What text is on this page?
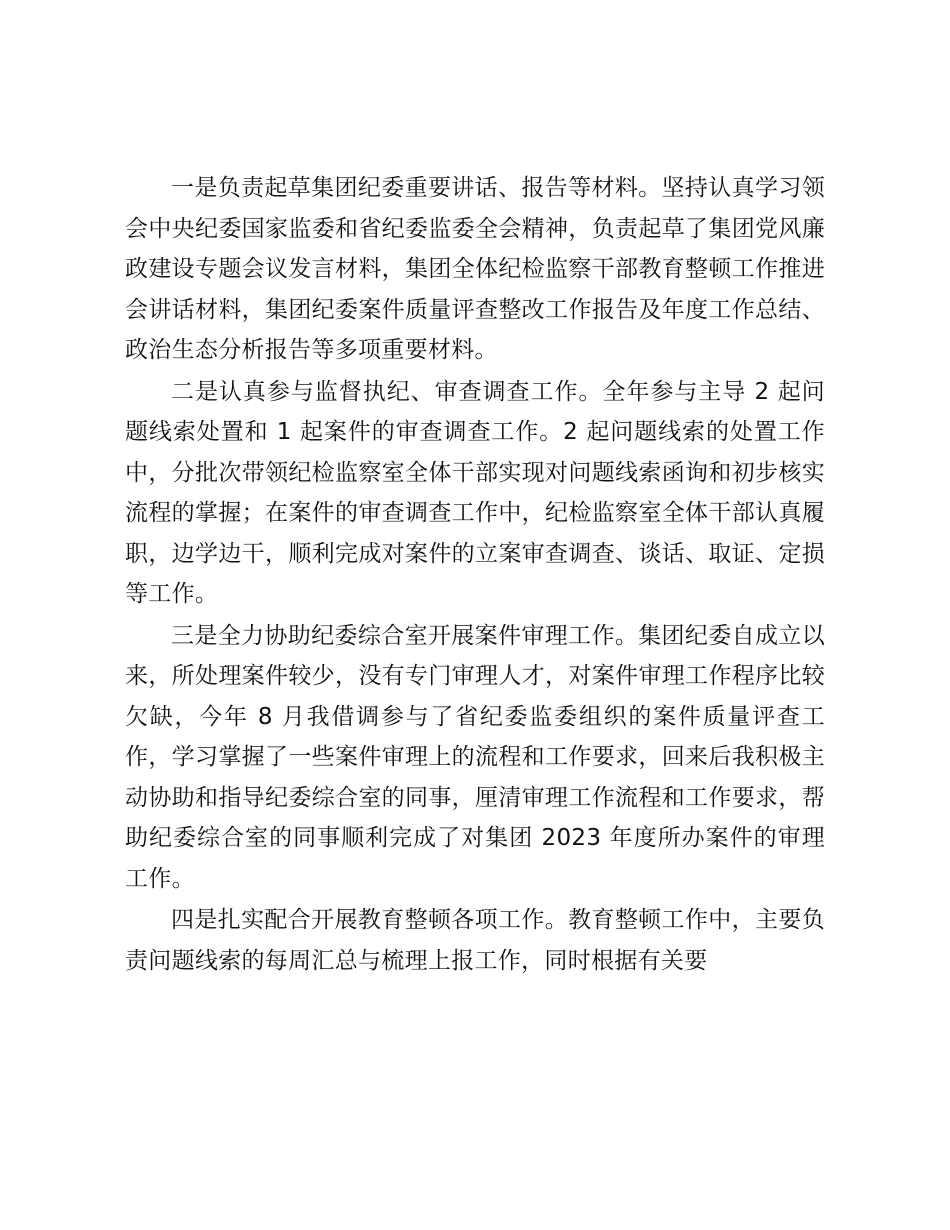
一是负责起草集团纪委重要讲话、报告等材料。坚持认真学习领会中央纪委国家监委和省纪委监委全会精神，负责起草了集团党风廉政建设专题会议发言材料，集团全体纪检监察干部教育整顿工作推进会讲话材料，集团纪委案件质量评查整改工作报告及年度工作总结、政治生态分析报告等多项重要材料。

二是认真参与监督执纪、审查调查工作。全年参与主导 2 起问题线索处置和 1 起案件的审查调查工作。2 起问题线索的处置工作中，分批次带领纪检监察室全体干部实现对问题线索函询和初步核实流程的掌握；在案件的审查调查工作中，纪检监察室全体干部认真履职，边学边干，顺利完成对案件的立案审查调查、谈话、取证、定损等工作。

三是全力协助纪委综合室开展案件审理工作。集团纪委自成立以来，所处理案件较少，没有专门审理人才，对案件审理工作程序比较欠缺，今年 8 月我借调参与了省纪委监委组织的案件质量评查工作，学习掌握了一些案件审理上的流程和工作要求，回来后我积极主动协助和指导纪委综合室的同事，厘清审理工作流程和工作要求，帮助纪委综合室的同事顺利完成了对集团 2023 年度所办案件的审理工作。

四是扎实配合开展教育整顿各项工作。教育整顿工作中，主要负责问题线索的每周汇总与梳理上报工作，同时根据有关要
